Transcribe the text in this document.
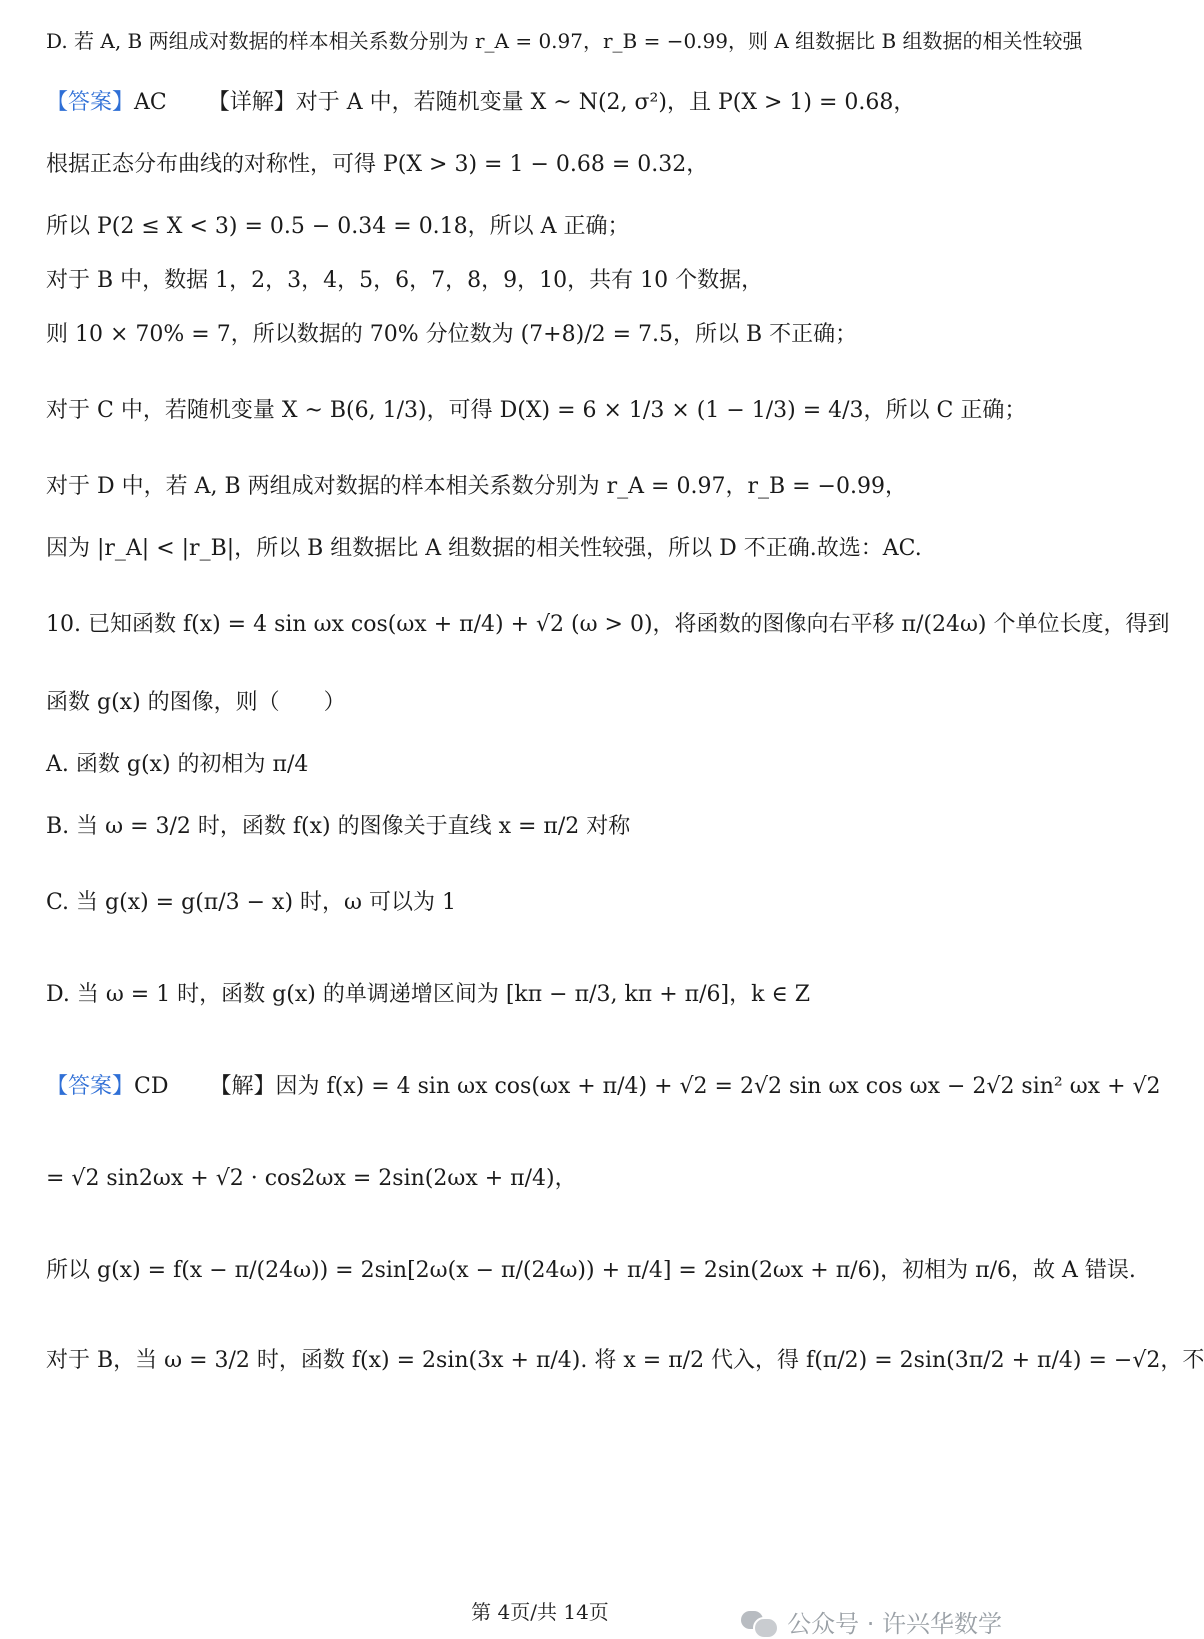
D. 若 A, B 两组成对数据的样本相关系数分别为 r_A = 0.97，r_B = −0.99，则 A 组数据比 B 组数据的相关性较强
【答案】AC 【详解】对于 A 中，若随机变量 X ~ N(2, σ²)，且 P(X > 1) = 0.68，
根据正态分布曲线的对称性，可得 P(X > 3) = 1 − 0.68 = 0.32，
所以 P(2 ≤ X < 3) = 0.5 − 0.34 = 0.18，所以 A 正确；
对于 B 中，数据 1，2，3，4，5，6，7，8，9，10，共有 10 个数据，
则 10 × 70% = 7，所以数据的 70% 分位数为 (7+8)/2 = 7.5，所以 B 不正确；
对于 C 中，若随机变量 X ~ B(6, 1/3)，可得 D(X) = 6 × 1/3 × (1 − 1/3) = 4/3，所以 C 正确；
对于 D 中，若 A, B 两组成对数据的样本相关系数分别为 r_A = 0.97，r_B = −0.99，
因为 |r_A| < |r_B|，所以 B 组数据比 A 组数据的相关性较强，所以 D 不正确.故选：AC.
10. 已知函数 f(x) = 4 sin ωx cos(ωx + π/4) + √2 (ω > 0)，将函数的图像向右平移 π/(24ω) 个单位长度，得到
函数 g(x) 的图像，则（　　）
A. 函数 g(x) 的初相为 π/4
B. 当 ω = 3/2 时，函数 f(x) 的图像关于直线 x = π/2 对称
C. 当 g(x) = g(π/3 − x) 时，ω 可以为 1
D. 当 ω = 1 时，函数 g(x) 的单调递增区间为 [kπ − π/3, kπ + π/6]，k ∈ Z
【答案】CD 【解】因为 f(x) = 4 sin ωx cos(ωx + π/4) + √2 = 2√2 sin ωx cos ωx − 2√2 sin² ωx + √2
= √2 sin2ωx + √2 · cos2ωx = 2sin(2ωx + π/4)，
所以 g(x) = f(x − π/(24ω)) = 2sin[2ω(x − π/(24ω)) + π/4] = 2sin(2ωx + π/6)，初相为 π/6，故 A 错误.
对于 B，当 ω = 3/2 时，函数 f(x) = 2sin(3x + π/4). 将 x = π/2 代入，得 f(π/2) = 2sin(3π/2 + π/4) = −√2，不
公众号 · 许兴华数学
第 4页/共 14页
